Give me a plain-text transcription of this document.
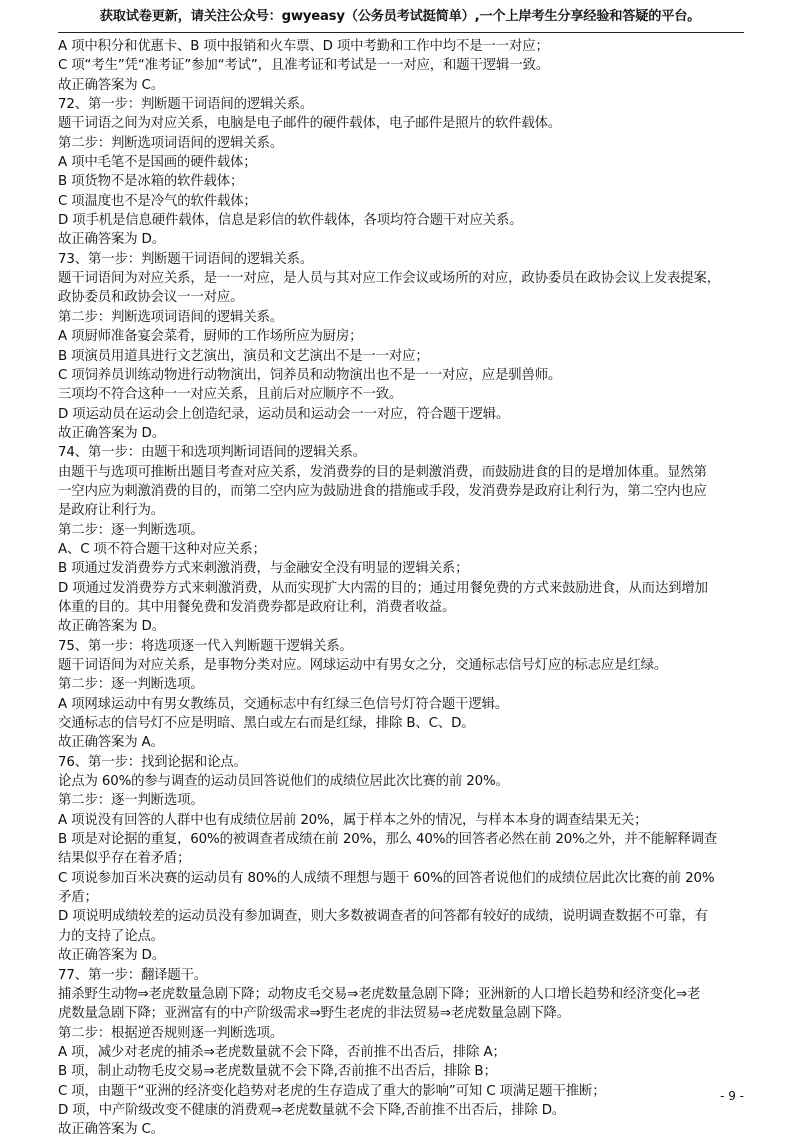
获取试卷更新，请关注公众号：gwyeasy（公务员考试挺简单）,一个上岸考生分享经验和答疑的平台。
A 项中积分和优惠卡、B 项中报销和火车票、D 项中考勤和工作中均不是一一对应；
C 项“考生”凭“准考证”参加“考试”，且准考证和考试是一一对应，和题干逻辑一致。
故正确答案为 C。
72、第一步：判断题干词语间的逻辑关系。
题干词语之间为对应关系，电脑是电子邮件的硬件载体，电子邮件是照片的软件载体。
第二步：判断选项词语间的逻辑关系。
A 项中毛笔不是国画的硬件载体；
B 项货物不是冰箱的软件载体；
C 项温度也不是冷气的软件载体；
D 项手机是信息硬件载体，信息是彩信的软件载体，各项均符合题干对应关系。
故正确答案为 D。
73、第一步：判断题干词语间的逻辑关系。
题干词语间为对应关系，是一一对应，是人员与其对应工作会议或场所的对应，政协委员在政协会议上发表提案，
政协委员和政协会议一一对应。
第二步：判断选项词语间的逻辑关系。
A 项厨师准备宴会菜肴，厨师的工作场所应为厨房；
B 项演员用道具进行文艺演出，演员和文艺演出不是一一对应；
C 项饲养员训练动物进行动物演出，饲养员和动物演出也不是一一对应，应是驯兽师。
三项均不符合这种一一对应关系，且前后对应顺序不一致。
D 项运动员在运动会上创造纪录，运动员和运动会一一对应，符合题干逻辑。
故正确答案为 D。
74、第一步：由题干和选项判断词语间的逻辑关系。
由题干与选项可推断出题目考查对应关系，发消费券的目的是刺激消费，而鼓励进食的目的是增加体重。显然第
一空内应为刺激消费的目的，而第二空内应为鼓励进食的措施或手段，发消费券是政府让利行为，第二空内也应
是政府让利行为。
第二步：逐一判断选项。
A、C 项不符合题干这种对应关系；
B 项通过发消费券方式来刺激消费，与金融安全没有明显的逻辑关系；
D 项通过发消费券方式来刺激消费，从而实现扩大内需的目的；通过用餐免费的方式来鼓励进食，从而达到增加
体重的目的。其中用餐免费和发消费券都是政府让利，消费者收益。
故正确答案为 D。
75、第一步：将选项逐一代入判断题干逻辑关系。
题干词语间为对应关系，是事物分类对应。网球运动中有男女之分，交通标志信号灯应的标志应是红绿。
第二步：逐一判断选项。
A 项网球运动中有男女教练员，交通标志中有红绿三色信号灯符合题干逻辑。
交通标志的信号灯不应是明暗、黑白或左右而是红绿，排除 B、C、D。
故正确答案为 A。
76、第一步：找到论据和论点。
论点为 60%的参与调查的运动员回答说他们的成绩位居此次比赛的前 20%。
第二步：逐一判断选项。
A 项说没有回答的人群中也有成绩位居前 20%，属于样本之外的情况，与样本本身的调查结果无关；
B 项是对论据的重复，60%的被调查者成绩在前 20%，那么 40%的回答者必然在前 20%之外，并不能解释调查
结果似乎存在着矛盾；
C 项说参加百米决赛的运动员有 80%的人成绩不理想与题干 60%的回答者说他们的成绩位居此次比赛的前 20%
矛盾；
D 项说明成绩较差的运动员没有参加调查，则大多数被调查者的问答都有较好的成绩，说明调查数据不可靠，有
力的支持了论点。
故正确答案为 D。
77、第一步：翻译题干。
捕杀野生动物⇒老虎数量急剧下降；动物皮毛交易⇒老虎数量急剧下降；亚洲新的人口增长趋势和经济变化⇒老
虎数量急剧下降；亚洲富有的中产阶级需求⇒野生老虎的非法贸易⇒老虎数量急剧下降。
第二步：根据逆否规则逐一判断选项。
A 项，减少对老虎的捕杀⇒老虎数量就不会下降，否前推不出否后，排除 A；
B 项，制止动物毛皮交易⇒老虎数量就不会下降,否前推不出否后，排除 B；
C 项，由题干“亚洲的经济变化趋势对老虎的生存造成了重大的影响”可知 C 项满足题干推断；
D 项，中产阶级改变不健康的消费观⇒老虎数量就不会下降,否前推不出否后，排除 D。
故正确答案为 C。
- 9 -
